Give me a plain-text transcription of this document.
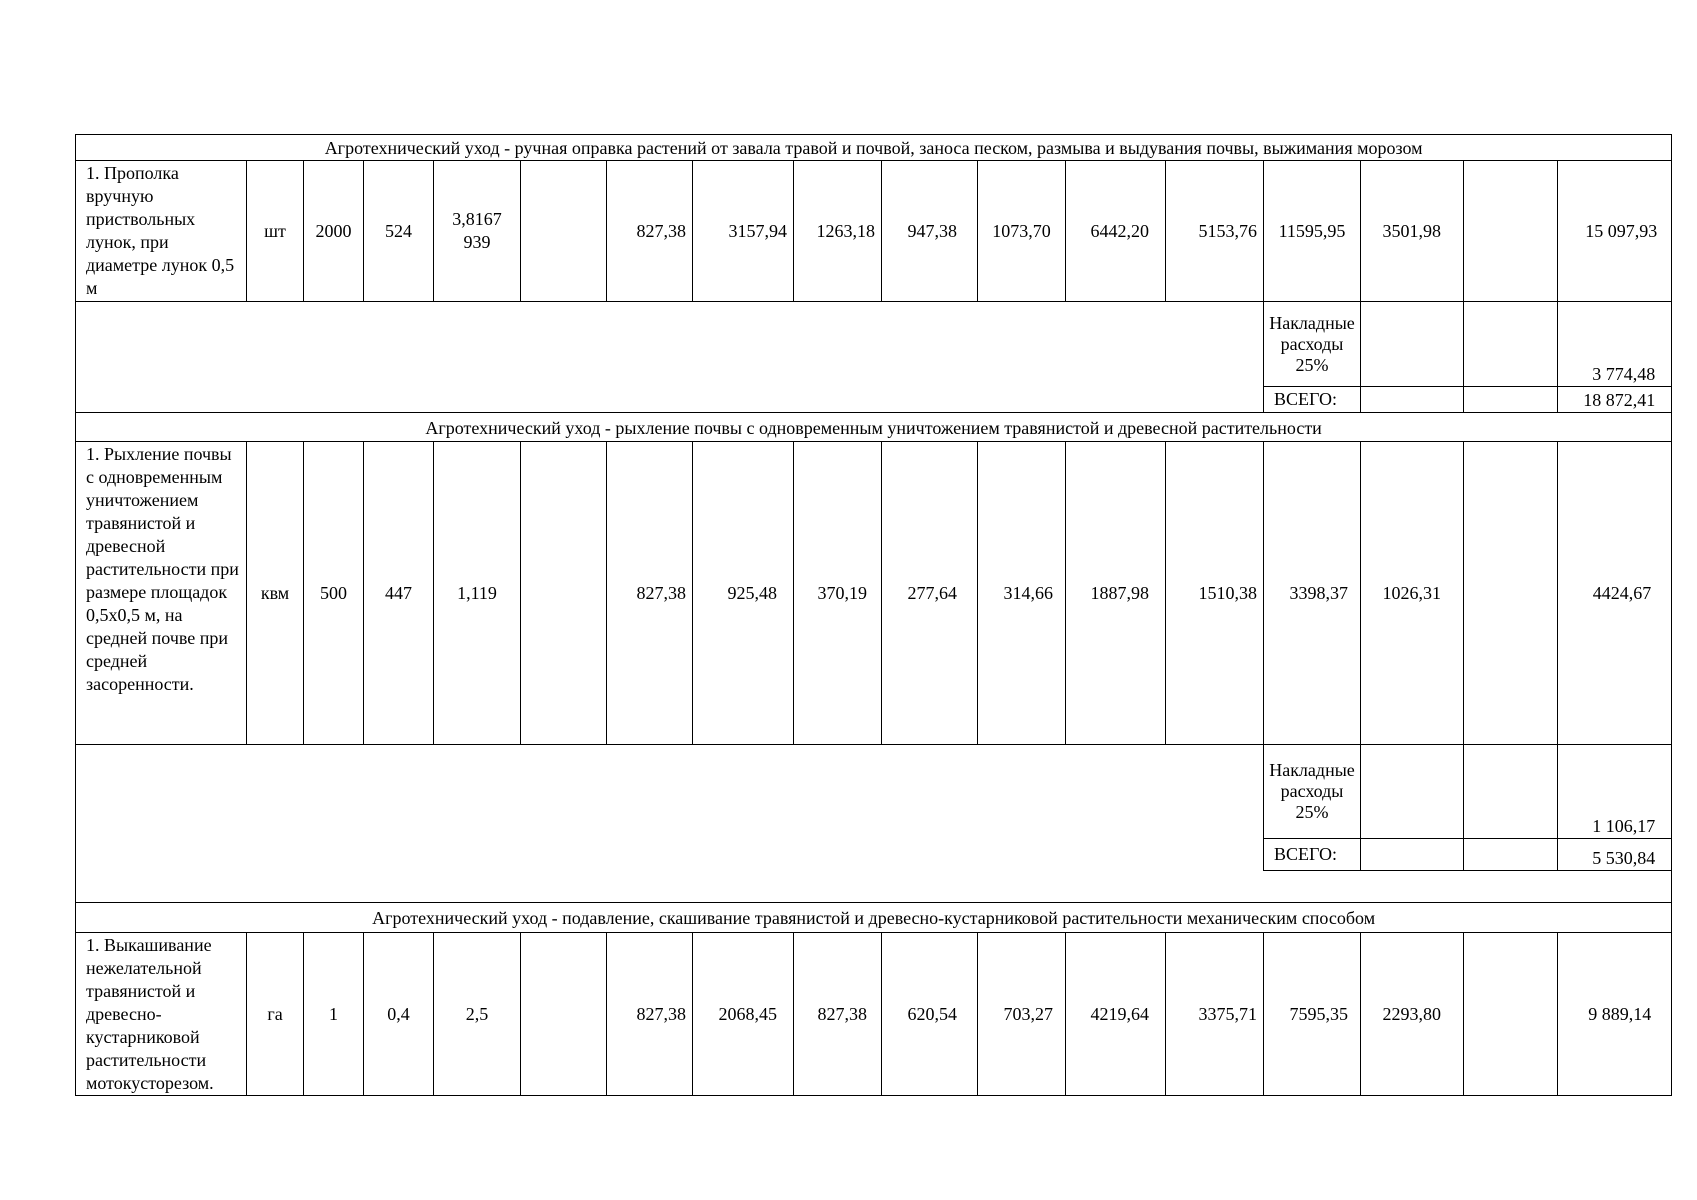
Агротехнический уход - ручная оправка растений от завала травой и почвой, заноса песком, размыва и выдувания почвы, выжимания морозом																
1. Прополка вручную приствольных лунок, при диаметре лунок 0,5 м	шт	2000	524	3,8167939		827,38	3157,94	1263,18	947,38	1073,70	6442,20	5153,76	11595,95	3501,98		15 097,93
													Накладные расходы 25%			3 774,48
													ВСЕГО:			18 872,41
Агротехнический уход - рыхление почвы с одновременным уничтожением травянистой и древесной растительности																
1. Рыхление почвы с одновременным уничтожением травянистой и древесной растительности при размере площадок 0,5х0,5 м, на средней почве при средней засоренности.	квм	500	447	1,119		827,38	925,48	370,19	277,64	314,66	1887,98	1510,38	3398,37	1026,31		4424,67
													Накладные расходы 25%			1 106,17
													ВСЕГО:			5 530,84

Агротехнический уход - подавление, скашивание травянистой и древесно-кустарниковой растительности механическим способом																
1. Выкашивание нежелательной травянистой и древесно-кустарниковой растительности мотокусторезом.	га	1	0,4	2,5		827,38	2068,45	827,38	620,54	703,27	4219,64	3375,71	7595,35	2293,80		9 889,14
